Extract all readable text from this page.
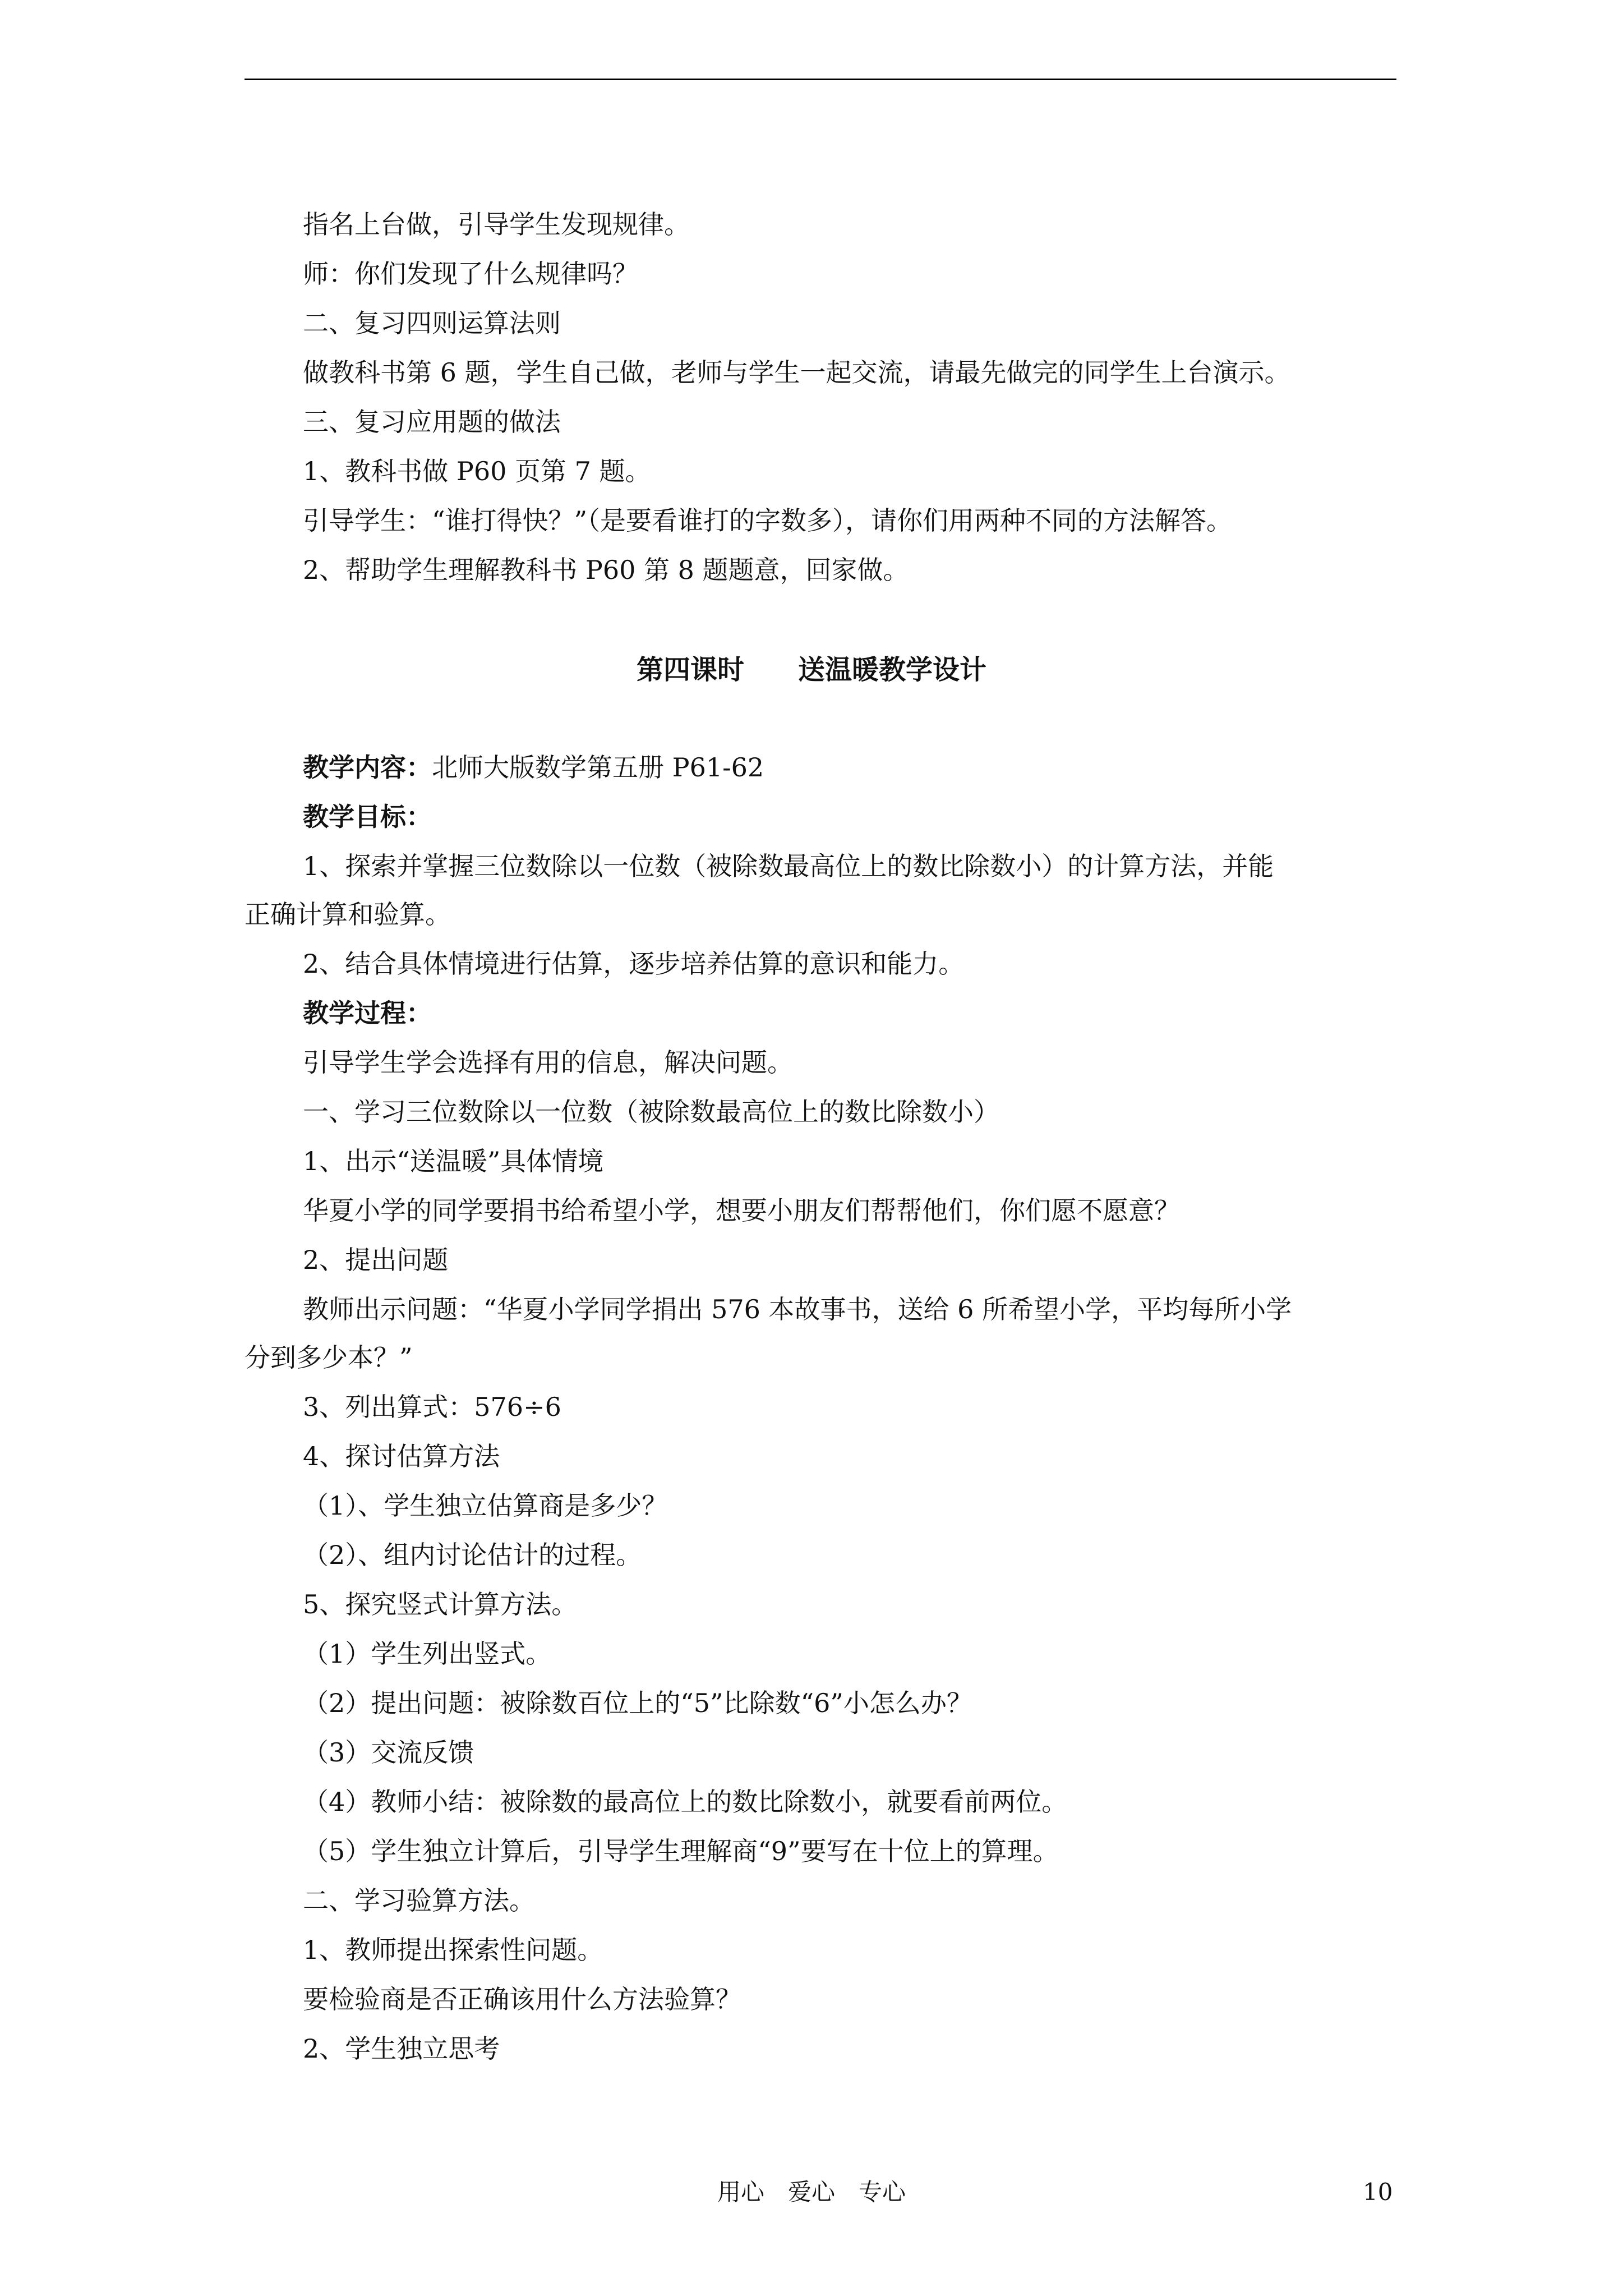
指名上台做，引导学生发现规律。
师：你们发现了什么规律吗？
二、复习四则运算法则
做教科书第 6 题，学生自己做，老师与学生一起交流，请最先做完的同学生上台演示。
三、复习应用题的做法
1、教科书做 P60 页第 7 题。
引导学生：“谁打得快？”（是要看谁打的字数多），请你们用两种不同的方法解答。
2、帮助学生理解教科书 P60 第 8 题题意，回家做。
第四课时　　送温暖教学设计
教学内容：北师大版数学第五册 P61-62
教学目标：
1、探索并掌握三位数除以一位数（被除数最高位上的数比除数小）的计算方法，并能
正确计算和验算。
2、结合具体情境进行估算，逐步培养估算的意识和能力。
教学过程：
引导学生学会选择有用的信息，解决问题。
一、学习三位数除以一位数（被除数最高位上的数比除数小）
1、出示“送温暖”具体情境
华夏小学的同学要捐书给希望小学，想要小朋友们帮帮他们，你们愿不愿意？
2、提出问题
教师出示问题：“华夏小学同学捐出 576 本故事书，送给 6 所希望小学，平均每所小学
分到多少本？”
3、列出算式：576÷6
4、探讨估算方法
（1）、学生独立估算商是多少？
（2）、组内讨论估计的过程。
5、探究竖式计算方法。
（1）学生列出竖式。
（2）提出问题：被除数百位上的“5”比除数“6”小怎么办？
（3）交流反馈
（4）教师小结：被除数的最高位上的数比除数小，就要看前两位。
（5）学生独立计算后，引导学生理解商“9”要写在十位上的算理。
二、学习验算方法。
1、教师提出探索性问题。
要检验商是否正确该用什么方法验算？
2、学生独立思考
用心　爱心　专心	10
